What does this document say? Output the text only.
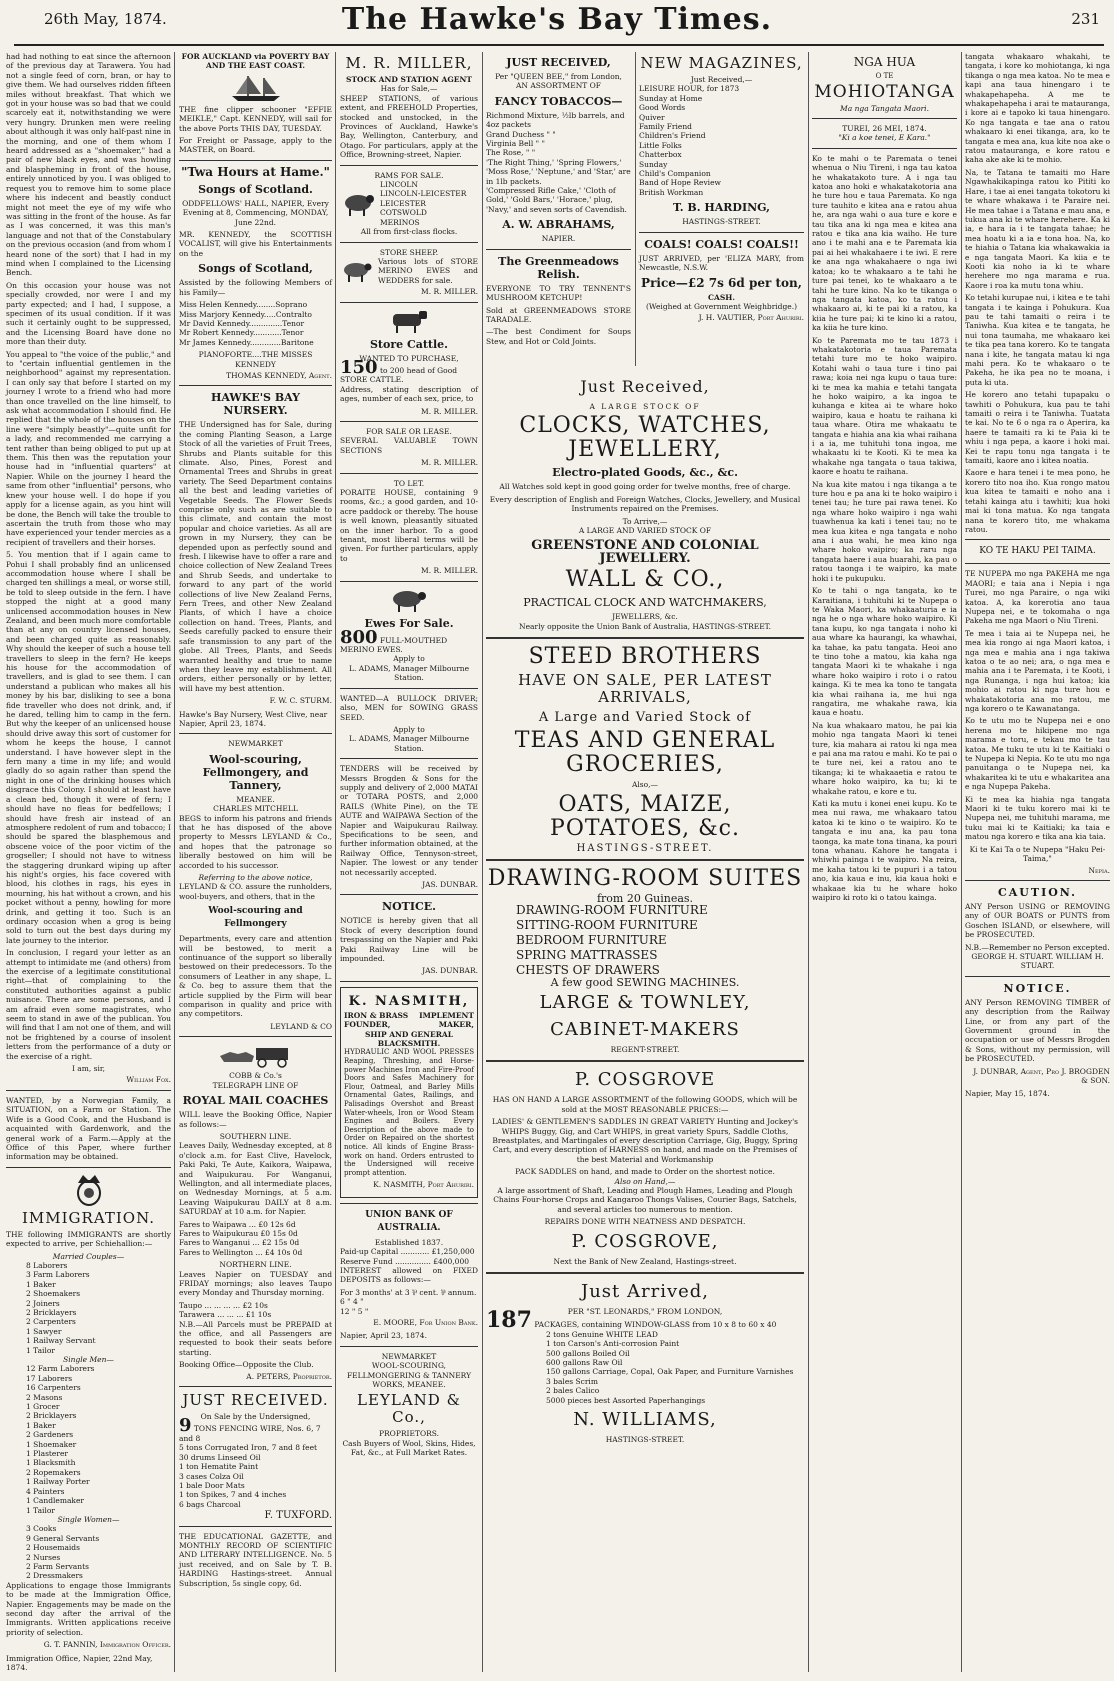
26th May, 1874.	The Hawke's Bay Times.	231

had had nothing to eat since the afternoon of the previous day at Tarawera. You had not a single feed of corn, bran, or hay to give them. We had ourselves ridden fifteen miles without breakfast. That which we got in your house was so bad that we could scarcely eat it, notwithstanding we were very hungry. Drunken men were reeling about although it was only half-past nine in the morning, and one of them whom I heard addressed as a "shoemaker," had a pair of new black eyes, and was howling and blaspheming in front of the house, entirely unnoticed by you. I was obliged to request you to remove him to some place where his indecent and beastly conduct might not meet the eye of my wife who was sitting in the front of the house. As far as I was concerned, it was this man's language and not that of the Constabulary on the previous occasion (and from whom I heard none of the sort) that I had in my mind when I complained to the Licensing Bench.

On this occasion your house was not specially crowded, nor were I and my party expected; and I had, I suppose, a specimen of its usual condition. If it was such it certainly ought to be suppressed, and the Licensing Board have done no more than their duty.

You appeal to "the voice of the public," and to "certain influential gentlemen in the neighborhood" against my representation. I can only say that before I started on my journey I wrote to a friend who had more than once travelled on the line himself, to ask what accommodation I should find. He replied that the whole of the houses on the line were "simply beastly"—quite unfit for a lady, and recommended me carrying a tent rather than being obliged to put up at them. This then was the reputation your house had in "influential quarters" at Napier. While on the journey I heard the same from other "influential" persons, who knew your house well. I do hope if you apply for a license again, as you hint will be done, the Bench will take the trouble to ascertain the truth from those who may have experienced your tender mercies as a recipient of travellers and their horses.

5. You mention that if I again came to Pohui I shall probably find an unlicensed accommodation house where I shall be charged ten shillings a meal, or worse still, be told to sleep outside in the fern. I have stopped the night at a good many unlicensed accommodation houses in New Zealand, and been much more comfortable than at any on country licensed houses, and been charged quite as reasonably. Why should the keeper of such a house tell travellers to sleep in the fern? He keeps his house for the accommodation of travellers, and is glad to see them. I can understand a publican who makes all his money by his bar, disliking to see a bona fide traveller who does not drink, and, if he dared, telling him to camp in the fern. But why the keeper of an unlicensed house should drive away this sort of customer for whom he keeps the house, I cannot understand. I have however slept in the fern many a time in my life; and would gladly do so again rather than spend the night in one of the drinking houses which disgrace this Colony. I should at least have a clean bed, though it were of fern; I should have no fleas for bedfellows; I should have fresh air instead of an atmosphere redolent of rum and tobacco; I should be spared the blasphemous and obscene voice of the poor victim of the grogseller; I should not have to witness the staggering drunkard wiping up after his night's orgies, his face covered with blood, his clothes in rags, his eyes in mourning, his hat without a crown, and his pocket without a penny, howling for more drink, and getting it too. Such is an ordinary occasion when a grog is being sold to turn out the best days during my late journey to the interior.

In conclusion, I regard your letter as an attempt to intimidate me (and others) from the exercise of a legitimate constitutional right—that of complaining to the constituted authorities against a public nuisance. There are some persons, and I am afraid even some magistrates, who seem to stand in awe of the publican. You will find that I am not one of them, and will not be frightened by a course of insolent letters from the performance of a duty or the exercise of a right.

I am, sir,
William Fox.

WANTED, by a Norwegian Family, a SITUATION, on a Farm or Station. The Wife is a Good Cook, and the Husband is acquainted with Gardenwork, and the general work of a Farm.—Apply at the Office of this Paper, where further information may be obtained.

IMMIGRATION.

THE following IMMIGRANTS are shortly expected to arrive, per Schiehallion:—

Married Couples—
8 Laborers
3 Farm Laborers
1 Baker
2 Shoemakers
2 Joiners
2 Bricklayers
2 Carpenters
1 Sawyer
1 Railway Servant
1 Tailor
Single Men—
12 Farm Laborers
17 Laborers
16 Carpenters
2 Masons
1 Grocer
2 Bricklayers
1 Baker
2 Gardeners
1 Shoemaker
1 Plasterer
1 Blacksmith
2 Ropemakers
1 Railway Porter
4 Painters
1 Candlemaker
1 Tailor
Single Women—
3 Cooks
9 General Servants
2 Housemaids
2 Nurses
2 Farm Servants
2 Dressmakers

Applications to engage those Immigrants to be made at the Immigration Office, Napier. Engagements may be made on the second day after the arrival of the Immigrants. Written applications receive priority of selection.

G. T. FANNIN, Immigration Officer.
Immigration Office, Napier, 22nd May, 1874.
FOR AUCKLAND via POVERTY BAY AND THE EAST COAST.

THE fine clipper schooner "EFFIE MEIKLE," Capt. KENNEDY, will sail for the above Ports THIS DAY, TUESDAY.

For Freight or Passage, apply to the MASTER, on Board.

"Twa Hours at Hame."
Songs of Scotland.

ODDFELLOWS' HALL, NAPIER, Every Evening at 8, Commencing, MONDAY, June 22nd.

MR. KENNEDY, the SCOTTISH VOCALIST, will give his Entertainments on the

Songs of Scotland,

Assisted by the following Members of his Family—

Miss Helen Kennedy........Soprano
Miss Marjory Kennedy.....Contralto
Mr David Kennedy..............Tenor
Mr Robert Kennedy............Tenor
Mr James Kennedy.............Baritone
PIANOFORTE....THE MISSES KENNEDY
THOMAS KENNEDY, Agent.
HAWKE'S BAY NURSERY.

THE Undersigned has for Sale, during the coming Planting Season, a Large Stock of all the varieties of Fruit Trees, Shrubs and Plants suitable for this climate. Also, Pines, Forest and Ornamental Trees and Shrubs in great variety. The Seed Department contains all the best and leading varieties of Vegetable Seeds. The Flower Seeds comprise only such as are suitable to this climate, and contain the most popular and choice varieties. As all are grown in my Nursery, they can be depended upon as perfectly sound and fresh. I likewise have to offer a rare and choice collection of New Zealand Trees and Shrub Seeds, and undertake to forward to any part of the world collections of live New Zealand Ferns, Fern Trees, and other New Zealand Plants, of which I have a choice collection on hand. Trees, Plants, and Seeds carefully packed to ensure their safe transmission to any part of the globe. All Trees, Plants, and Seeds warranted healthy and true to name when they leave my establishment. All orders, either personally or by letter, will have my best attention.

F. W. C. STURM.
Hawke's Bay Nursery, West Clive, near Napier, April 23, 1874.
NEWMARKET
Wool-scouring, Fellmongery, and Tannery,
MEANEE.
CHARLES MITCHELL

BEGS to inform his patrons and friends that he has disposed of the above property to Messrs LEYLAND & Co., and hopes that the patronage so liberally bestowed on him will be accorded to his successor.

Referring to the above notice,

LEYLAND & CO. assure the runholders, wool-buyers, and others, that in the

Wool-scouring and Fellmongery

Departments, every care and attention will be bestowed, to merit a continuance of the support so liberally bestowed on their predecessors. To the consumers of Leather in any shape, L. & Co. beg to assure them that the article supplied by the Firm will bear comparison in quality and price with any competitors.

LEYLAND & CO
COBB & Co.'s
TELEGRAPH LINE OF
ROYAL MAIL COACHES

WILL leave the Booking Office, Napier as follows:—

SOUTHERN LINE.

Leaves Daily, Wednesday excepted, at 8 o'clock a.m. for East Clive, Havelock, Paki Paki, Te Aute, Kaikora, Waipawa, and Waipukurau. For Wanganui, Wellington, and all intermediate places, on Wednesday Mornings, at 5 a.m. Leaving Waipukurau DAILY at 8 a.m. SATURDAY at 10 a.m. for Napier.

Fares to Waipawa ... £0 12s 6d
Fares to Waipukurau £0 15s 0d
Fares to Wanganui ... £2 15s 0d
Fares to Wellington ... £4 10s 0d
NORTHERN LINE.

Leaves Napier on TUESDAY and FRIDAY mornings; also leaves Taupo every Monday and Thursday morning.

Taupo ... ... ... ... £2 10s
Tarawera ... ... ... £1 10s

N.B.—All Parcels must be PREPAID at the office, and all Passengers are requested to book their seats before starting.

Booking Office—Opposite the Club.
A. PETERS, Proprietor.
JUST RECEIVED.
On Sale by the Undersigned,
9 TONS FENCING WIRE, Nos. 6, 7 and 8
5 tons Corrugated Iron, 7 and 8 feet
30 drums Linseed Oil
1 ton Hematite Paint
3 cases Colza Oil
1 bale Door Mats
1 ton Spikes, 7 and 4 inches
6 bags Charcoal
F. TUXFORD.

THE EDUCATIONAL GAZETTE, and MONTHLY RECORD OF SCIENTIFIC AND LITERARY INTELLIGENCE. No. 5 just received, and on Sale by T. B. HARDING Hastings-street. Annual Subscription, 5s single copy, 6d.

M. R. MILLER,
STOCK AND STATION AGENT
Has for Sale,—

SHEEP STATIONS, of various extent, and FREEHOLD Properties, stocked and unstocked, in the Provinces of Auckland, Hawke's Bay, Wellington, Canterbury, and Otago. For particulars, apply at the Office, Browning-street, Napier.

RAMS FOR SALE.
LINCOLN
LINCOLN-LEICESTER
LEICESTER
COTSWOLD
MERINOS
All from first-class flocks.
STORE SHEEP.

Various lots of STORE MERINO EWES and WEDDERS for sale.

M. R. MILLER.
Store Cattle.
WANTED TO PURCHASE,
150 to 200 head of Good STORE CATTLE.

Address, stating description of ages, number of each sex, price, to

M. R. MILLER.
FOR SALE OR LEASE.

SEVERAL VALUABLE TOWN SECTIONS

M. R. MILLER.
TO LET.

PORAITE HOUSE, containing 9 rooms, &c.; a good garden, and 10-acre paddock or thereby. The house is well known, pleasantly situated on the inner harbor. To a good tenant, most liberal terms will be given. For further particulars, apply to

M. R. MILLER.
Ewes For Sale.
800 FULL-MOUTHED MERINO EWES.
Apply to
L. ADAMS, Manager Milbourne Station.

WANTED—A BULLOCK DRIVER; also, MEN for SOWING GRASS SEED.

Apply to
L. ADAMS, Manager Milbourne Station.

TENDERS will be received by Messrs Brogden & Sons for the supply and delivery of 2,000 MATAI or TOTARA POSTS, and 2,000 RAILS (White Pine), on the TE AUTE and WAIPAWA Section of the Napier and Waipukurau Railway. Specifications to be seen, and further information obtained, at the Railway Office, Tennyson-street, Napier. The lowest or any tender not necessarily accepted.

JAS. DUNBAR.
NOTICE.

NOTICE is hereby given that all Stock of every description found trespassing on the Napier and Paki Paki Railway Line will be impounded.

JAS. DUNBAR.
K. NASMITH,
IRON & BRASS IMPLEMENT
FOUNDER,	MAKER,
SHIP AND GENERAL BLACKSMITH.

HYDRAULIC AND WOOL PRESSES Reaping, Threshing, and Horse-power Machines Iron and Fire-Proof Doors and Safes Machinery for Flour, Oatmeal, and Barley Mills Ornamental Gates, Railings, and Palisadings Overshot and Breast Water-wheels, Iron or Wood Steam Engines and Boilers. Every Description of the above made to Order on Repaired on the shortest notice. All kinds of Engine Brass-work on hand. Orders entrusted to the Undersigned will receive prompt attention.

K. NASMITH, Port Ahuriri.
UNION BANK OF AUSTRALIA.
Established 1837.
Paid-up Capital ............ £1,250,000
Reserve Fund ............... £400,000

INTEREST allowed on FIXED DEPOSITS as follows:—

For 3 months' at 3 ⅌ cent. ⅌ annum.
6 " 4 "
12 " 5 "
E. MOORE, For Union Bank.
Napier, April 23, 1874.
NEWMARKET

WOOL-SCOURING, FELLMONGERING & TANNERY WORKS, MEANEE.

LEYLAND & Co.,
PROPRIETORS.

Cash Buyers of Wool, Skins, Hides, Fat, &c., at Full Market Rates.

JUST RECEIVED,
Per "QUEEN BEE," from London,
AN ASSORTMENT OF
FANCY TOBACCOS—
Richmond Mixture, ½lb barrels, and 4oz packets
Grand Duchess " "
Virginia Bell " "
The Rose, " "
'The Right Thing,' 'Spring Flowers,' 'Moss Rose,' 'Neptune,' and 'Star,' are in 1lb packets.
'Compressed Rifle Cake,' 'Cloth of Gold,' 'Gold Bars,' 'Horace,' plug, 'Navy,' and seven sorts of Cavendish.
A. W. ABRAHAMS,
NAPIER.
The Greenmeadows Relish.

EVERYONE TO TRY TENNENT'S MUSHROOM KETCHUP!

Sold at GREENMEADOWS STORE TARADALE.

—The best Condiment for Soups Stew, and Hot or Cold Joints.

NEW MAGAZINES,
Just Received,—
LEISURE HOUR, for 1873
Sunday at Home
Good Words
Quiver
Family Friend
Children's Friend
Little Folks
Chatterbox
Sunday
Child's Companion
Band of Hope Review
British Workman
T. B. HARDING,
HASTINGS-STREET.
COALS! COALS! COALS!!

JUST ARRIVED, per 'ELIZA MARY, from Newcastle, N.S.W.

Price—£2 7s 6d per ton,
CASH.
(Weighed at Government Weighbridge.)
J. H. VAUTIER, Port Ahuriri.
Just Received,
A LARGE STOCK OF
CLOCKS, WATCHES, JEWELLERY,
Electro-plated Goods, &c., &c.

All Watches sold kept in good going order for twelve months, free of charge.

Every description of English and Foreign Watches, Clocks, Jewellery, and Musical Instruments repaired on the Premises.

To Arrive,—
A LARGE AND VARIED STOCK OF
GREENSTONE AND COLONIAL JEWELLERY.
WALL & CO.,
PRACTICAL CLOCK AND WATCHMAKERS,
JEWELLERS, &c.
Nearly opposite the Union Bank of Australia, HASTINGS-STREET.
STEED BROTHERS
HAVE ON SALE, PER LATEST ARRIVALS,
A Large and Varied Stock of
TEAS AND GENERAL GROCERIES,
Also,—
OATS, MAIZE, POTATOES, &c.
HASTINGS-STREET.
DRAWING-ROOM SUITES
from 20 Guineas.
DRAWING-ROOM FURNITURE
SITTING-ROOM FURNITURE
BEDROOM FURNITURE
SPRING MATTRASSES
CHESTS OF DRAWERS
A few good SEWING MACHINES.
LARGE & TOWNLEY,
CABINET-MAKERS
REGENT-STREET.
P. COSGROVE

HAS ON HAND A LARGE ASSORTMENT of the following GOODS, which will be sold at the MOST REASONABLE PRICES:—

LADIES' & GENTLEMEN'S SADDLES IN GREAT VARIETY Hunting and Jockey's WHIPS Buggy, Gig, and Cart WHIPS, in great variety Spurs, Saddle Cloths, Breastplates, and Martingales of every description Carriage, Gig, Buggy, Spring Cart, and every description of HARNESS on hand, and made on the Premises of the best Material and Workmanship

PACK SADDLES on hand, and made to Order on the shortest notice.
Also on Hand,—

A large assortment of Shaft, Leading and Plough Hames, Leading and Plough Chains Four-horse Crops and Kangaroo Thongs Valises, Courier Bags, Satchels, and several articles too numerous to mention.

REPAIRS DONE WITH NEATNESS AND DESPATCH.
P. COSGROVE,
Next the Bank of New Zealand, Hastings-street.
Just Arrived,
PER "ST. LEONARDS," FROM LONDON,
187 PACKAGES, containing WINDOW-GLASS from 10 x 8 to 60 x 40
2 tons Genuine WHITE LEAD
1 ton Carson's Anti-corrosion Paint
500 gallons Boiled Oil
600 gallons Raw Oil
150 gallons Carriage, Copal, Oak Paper, and Furniture Varnishes
3 bales Scrim
2 bales Calico
5000 pieces best Assorted Paperhangings
N. WILLIAMS,
HASTINGS-STREET.
NGA HUA
O TE
MOHIOTANGA
Ma nga Tangata Maori.
TUREI, 26 MEI, 1874.
"Ki a koe tenei, E Kara."

Ko te mahi o te Paremata o tenei whenua o Niu Tireni, i nga tau katoa he whakatakoto ture. A i nga tau katoa ano hoki e whakatakotoria ana he ture hou e taua Paremata. Ko nga ture tauhito e kitea ana e ratou ahua he, ara nga wahi o aua ture e kore e tau tika ana ki nga mea e kitea ana ratou e tika ana kia waiho. He ture ano i te mahi ana e te Paremata kia pai ai hei whakahaere i te iwi. E rere ke ana nga whakahaere o nga iwi katoa; ko te whakaaro a te tahi he ture pai tenei, ko te whakaaro a te tahi he ture kino. Na ko te tikanga o nga tangata katoa, ko ta ratou i whakaaro ai, ki te pai ki a ratou, ka kiia he ture pai; ki te kino ki a ratou, ka kiia he ture kino.

Ko te Paremata mo te tau 1873 i whakatakotoria e taua Paremata tetahi ture mo te hoko waipiro. Kotahi wahi o taua ture i tino pai rawa; koia nei nga kupu o taua ture: ki te mea ka mahia e tetahi tangata he hoko waipiro, a ka ingoa te kuhanga e kitea ai te whare hoko waipiro, kaua e hoatu te raihana ki taua whare. Otira me whakaatu te tangata e hiahia ana kia whai raihana i a ia, me tuhituhi tona ingoa, me whakaatu ki te Kooti. Ki te mea ka whakahe nga tangata o taua takiwa, kaore e hoatu te raihana.

Na kua kite matou i nga tikanga a te ture hou e pa ana ki te hoko waipiro i tenei tau; he ture pai rawa tenei. Ko nga whare hoko waipiro i nga wahi tuawhenua ka kati i tenei tau; no te mea kua kitea e nga tangata e noho ana i aua wahi, he mea kino nga whare hoko waipiro; ka raru nga tangata haere i aua huarahi, ka pau o ratou taonga i te waipiro, ka mate hoki i te pukupuku.

Ko te tahi o nga tangata, ko te Karaitiana, i tuhituhi ki te Nupepa o te Waka Maori, ka whakaaturia e ia nga he o nga whare hoko waipiro. Ki tana kupu, ko nga tangata i noho ki aua whare ka haurangi, ka whawhai, ka tahae, ka patu tangata. Heoi ano te tino tohe a matou, kia kaha nga tangata Maori ki te whakahe i nga whare hoko waipiro i roto i o ratou kainga. Ki te mea ka tono te tangata kia whai raihana ia, me hui nga rangatira, me whakahe rawa, kia kaua e hoatu.

Na kua whakaaro matou, he pai kia mohio nga tangata Maori ki tenei ture, kia mahara ai ratou ki nga mea e pai ana ma ratou e mahi. Ko te pai o te ture nei, kei a ratou ano te tikanga; ki te whakaaetia e ratou te whare hoko waipiro, ka tu; ki te whakahe ratou, e kore e tu.

Kati ka mutu i konei enei kupu. Ko te mea nui rawa, me whakaaro tatou katoa ki te kino o te waipiro. Ko te tangata e inu ana, ka pau tona taonga, ka mate tona tinana, ka pouri tona whanau. Kahore he tangata i whiwhi painga i te waipiro. Na reira, me kaha tatou ki te pupuri i a tatou ano, kia kaua e inu, kia kaua hoki e whakaae kia tu he whare hoko waipiro ki roto ki o tatou kainga.

tangata whakaaro whakahi, te tangata, i kore ko mohiotanga, ki nga tikanga o nga mea katoa. No te mea e kapi ana taua hinengaro i te whakapehapeha. A me te whakapehapeha i arai te matauranga, i kore ai e tapoko ki taua hinengaro. Ko nga tangata e tae ana o ratou whakaaro ki enei tikanga, ara, ko te tangata e mea ana, kua kite noa ake o ratou matauranga, e kore ratou e kaha ake ake ki te mohio.

Na, te Tatana te tamaiti mo Hare Ngawhakikapinga ratou ko Pititi ko Hare, i tae ai enei tangata tokotoru ki te whare whakawa i te Paraire nei. He mea tahae i a Tatana e mau ana, e tukua ana ki te whare herehere. Ka ki ia, e hara ia i te tangata tahae; he mea hoatu ki a ia e tona hoa. Na, ko te hiahia o Tatana kia whakawakia ia e nga tangata Maori. Ka kiia e te Kooti kia noho ia ki te whare herehere mo nga marama e rua. Kaore i roa ka mutu tona whiu.

Ko tetahi kurupae nui, i kitea e te tahi tangata i te kainga i Pohukura. Kua pau te tahi tamaiti o reira i te Taniwha. Kua kitea e te tangata, he nui tona taumaha, me whakaaro kei te tika pea tana korero. Ko te tangata nana i kite, he tangata matau ki nga mahi pera. Ko te whakaaro o te Pakeha, he ika pea no te moana, i puta ki uta.

He korero ano tetahi tupapaku o tawhiti o Pohukura, kua pau te tahi tamaiti o reira i te Taniwha. Tuatata te kai. No te 6 o nga ra o Aperira, ka haere te tamaiti ra ki te Paia ki te whiu i nga pepa, a kaore i hoki mai. Kei te rapu tonu nga tangata i te tamaiti, kaore ano i kitea noatia.

Kaore e hara tenei i te mea pono, he korero tito noa iho. Kua rongo matou kua kitea te tamaiti e noho ana i tetahi kainga atu i tawhiti; kua hoki mai ki tona matua. Ko nga tangata nana te korero tito, me whakama ratou.

KO TE HAKU PEI TAIMA.

TE NUPEPA mo nga PAKEHA me nga MAORI; e taia ana i Nepia i nga Turei, mo nga Paraire, o nga wiki katoa. A, ka korerotia ano taua Nupepa nei, e te tokomaha o nga Pakeha me nga Maori o Niu Tireni.

Te mea i taia ai te Nupepa nei, he mea kia rongo ai nga Maori katoa, i nga mea e mahia ana i nga takiwa katoa o te ao nei; ara, o nga mea e mahia ana i te Paremata, i te Kooti, i nga Runanga, i nga hui katoa; kia mohio ai ratou ki nga ture hou e whakatakotoria ana mo ratou, me nga korero o te Kawanatanga.

Ko te utu mo te Nupepa nei e ono herena mo te hikipene mo nga marama e toru, e tekau mo te tau katoa. Me tuku te utu ki te Kaitiaki o te Nupepa ki Nepia. Ko te utu mo nga panuitanga o te Nupepa nei, ka whakaritea ki te utu e whakaritea ana e nga Nupepa Pakeha.

Ki te mea ka hiahia nga tangata Maori ki te tuku korero mai ki te Nupepa nei, me tuhituhi marama, me tuku mai ki te Kaitiaki; ka taia e matou nga korero e tika ana kia taia.

Ki te Kai Ta o te Nupepa "Haku Pei-Taima,"
Nepia.
CAUTION.

ANY Person USING or REMOVING any of OUR BOATS or PUNTS from Goschen ISLAND, or elsewhere, will be PROSECUTED.

N.B.—Remember no Person excepted.
GEORGE H. STUART. WILLIAM H. STUART.
NOTICE.

ANY Person REMOVING TIMBER of any description from the Railway Line, or from any part of the Government ground in the occupation or use of Messrs Brogden & Sons, without my permission, will be PROSECUTED.

J. DUNBAR, Agent, Pro J. BROGDEN & SON.
Napier, May 15, 1874.
